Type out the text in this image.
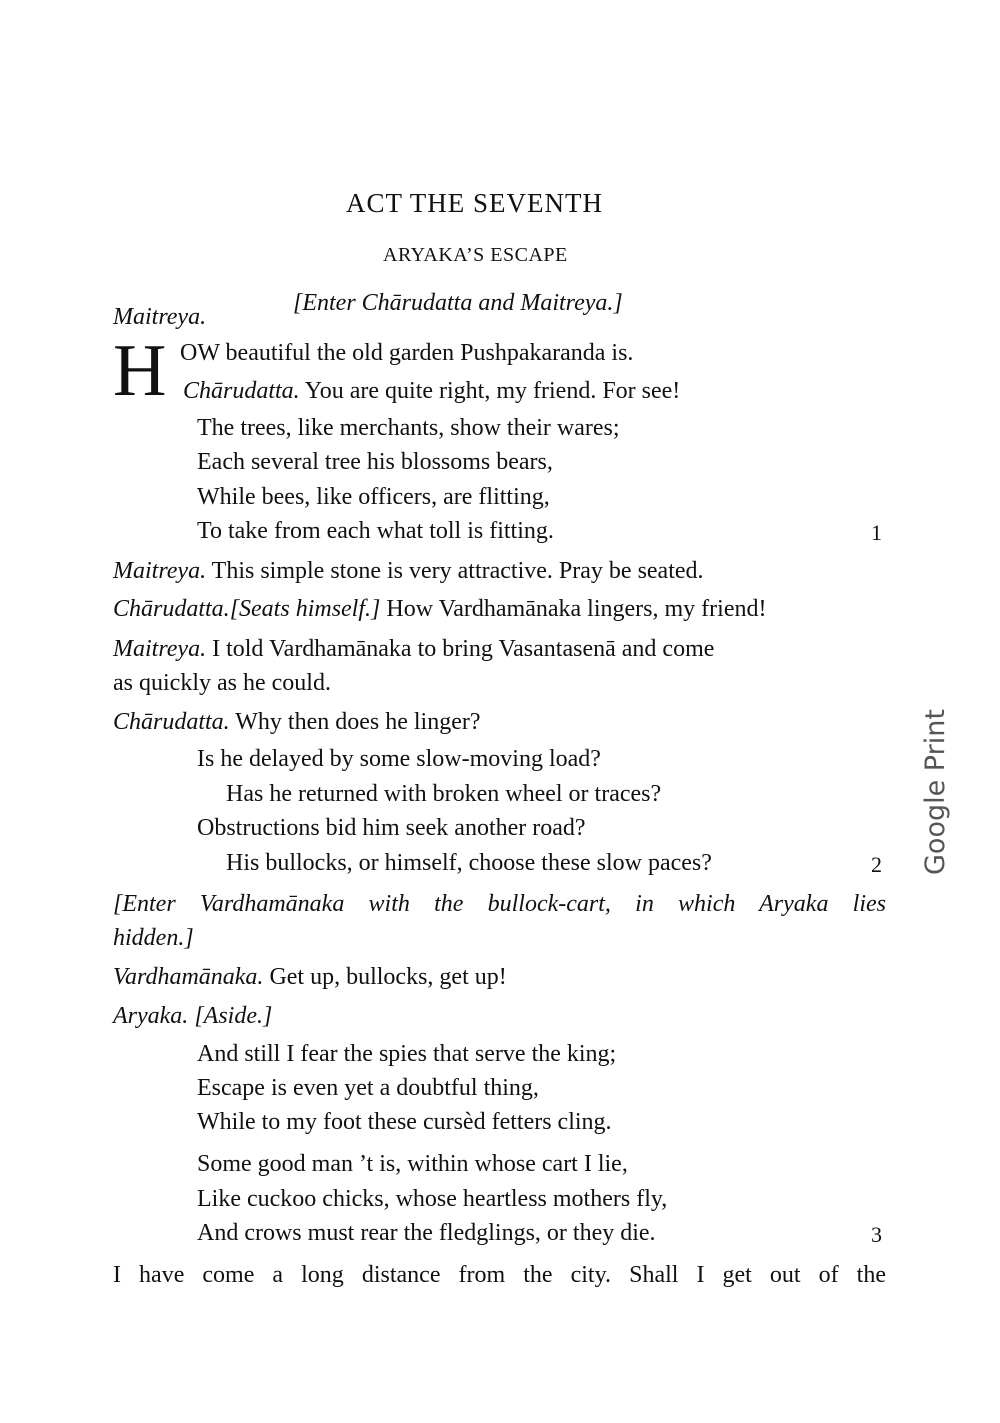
ACT THE SEVENTH
ARYAKA’S ESCAPE
[Enter Chārudatta and Maitreya.]
Maitreya.
H OW beautiful the old garden Pushpakaranda is.
Chārudatta. You are quite right, my friend. For see!
The trees, like merchants, show their wares;
Each several tree his blossoms bears,
While bees, like officers, are flitting,
To take from each what toll is fitting.	1
Maitreya. This simple stone is very attractive. Pray be seated.
Chārudatta.[Seats himself.] How Vardhamānaka lingers, my friend!
Maitreya. I told Vardhamānaka to bring Vasantasenā and come
as quickly as he could.
Chārudatta. Why then does he linger?
Is he delayed by some slow-moving load?
Has he returned with broken wheel or traces?
Obstructions bid him seek another road?
His bullocks, or himself, choose these slow paces?	2
[Enter Vardhamānaka with the bullock-cart, in which Aryaka lies
hidden.]
Vardhamānaka. Get up, bullocks, get up!
Aryaka. [Aside.]
And still I fear the spies that serve the king;
Escape is even yet a doubtful thing,
While to my foot these cursèd fetters cling.
Some good man ’t is, within whose cart I lie,
Like cuckoo chicks, whose heartless mothers fly,
And crows must rear the fledglings, or they die.	3
I have come a long distance from the city. Shall I get out of the
Google Print
